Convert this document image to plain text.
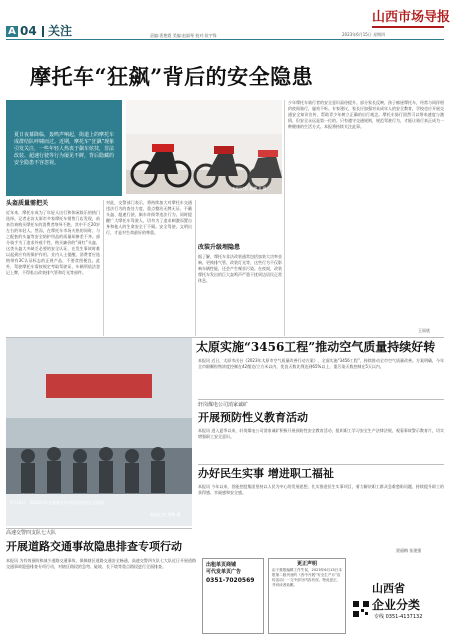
A 04 关注	责编:裴艳霞 美编:赵淑琴 校对:侯宇锋
山西市场导报
2023年6月15日 星期四
摩托车“狂飙”背后的安全隐患
夏日夜幕降临，轰鸣声响起，街道上的摩托车成群结队呼啸而过。近期，摩托车“狂飙”现象引发关注，一些年轻人热衷于飙车炫技，非法改装、超速行驶等行为屡见不鲜，背后隐藏的安全隐患不容忽视。
本报记者 杨鹏飞 摄
头盔质量需把关
近年来，摩托车成为了年轻人出行和休闲娱乐的热门选择。记者走访太原市多家摩托车销售门店发现，前来咨询购买摩托车的消费者络绎不绝，其中不乏20岁左右的年轻人。然而，在摩托车市场火热的同时，与之配套的头盔等安全防护用品的质量却参差不齐。部分骑手为了追求外观个性，购买廉价的“网红”头盔，这类头盔大多缺乏必要的安全认证，在发生事故时难以起到应有的保护作用。业内人士提醒，消费者应选购带有3C认证标志的正规产品，不要贪图便宜。此外，驾驶摩托车需按规定考取驾驶证，车辆须依法登记上牌，不得私自改装排气管和灯光等部件。
对此，交警部门表示，将持续加大对摩托车交通违法行为的查处力度，重点整治无牌无证、不戴头盔、超速行驶、飙车炸街等违法行为。同时提醒广大摩托车驾驶人，切勿为了追求刺激而置自身和他人的生命安全于不顾。安全驾驶，文明出行，才是对生命最好的尊重。
改装升级埋隐患
据了解，摩托车非法改装通常包括加装大功率音响、更换排气管、改装灯光等，这些行为不仅影响车辆性能，还会产生噪音污染。在夜间，改装摩托车发出的巨大轰鸣声严重干扰周边居民正常休息。
少年摩托车骑行者的安全意识亟待提升。部分家长反映，孩子痴迷摩托车，经常与同伴相约夜间骑行，屡劝不听。专家建议，家长应加强对未成年人的安全教育，学校也应开展交通安全知识宣传，帮助青少年树立正确的出行观念。摩托车骑行固然可以带来速度与激情，但安全永远是第一位的。只有遵守交通规则，规范驾驶行为，才能让骑行真正成为一种健康的生活方式。本报将持续关注此事。
王雨欣
6月14日，2023年职业健康宣传周活动启动仪式现场。
本报记者 李敏 摄
太原实施“3456工程”推动空气质量持续好转
本报讯 近日，太原市出台《2023年太原市空气质量改善行动方案》，全面实施“3456工程”，持续推动全市空气质量改善。方案明确，今年全市细颗粒物浓度控制在42微克/立方米以内，优良天数比例达到65%以上，重污染天数控制在5天以内。
轩岗煤电公司消家诚矿
开展预防性义教育活动
本报讯 进入夏季以来，轩岗煤电公司消家诚矿积极开展预防性安全教育活动，组织职工学习安全生产法律法规，观看事故警示教育片，切实增强职工安全意识。
办好民生实事 增进职工福祉
本报讯 今年以来，晋能控股集团坚持以人民为中心的发展思想，扎实推进民生实事项目，着力解决职工群众急难愁盼问题，持续提升职工的获得感、幸福感和安全感。
贾丽梅 张建强
高速交警四支队七大队
开展道路交通事故隐患排查专项行动
本报讯 为有效预防和减少道路交通事故，保障辖区道路交通安全畅通，高速交警四支队七大队近日开展道路交通事故隐患排查专项行动，对辖区路段的急弯、陡坡、长下坡等重点路段进行全面排查。	出租单页商铺
可代发单页广告
0351-7020569
更正声明
由于我报编辑工作失误，2023年6月13日本报第二版刊登的《晋中开展“安全生产月”宣传活动》一文中部分内容有误，特此更正，并向读者致歉。	山西省
企业分类
专线 0351-4137132
